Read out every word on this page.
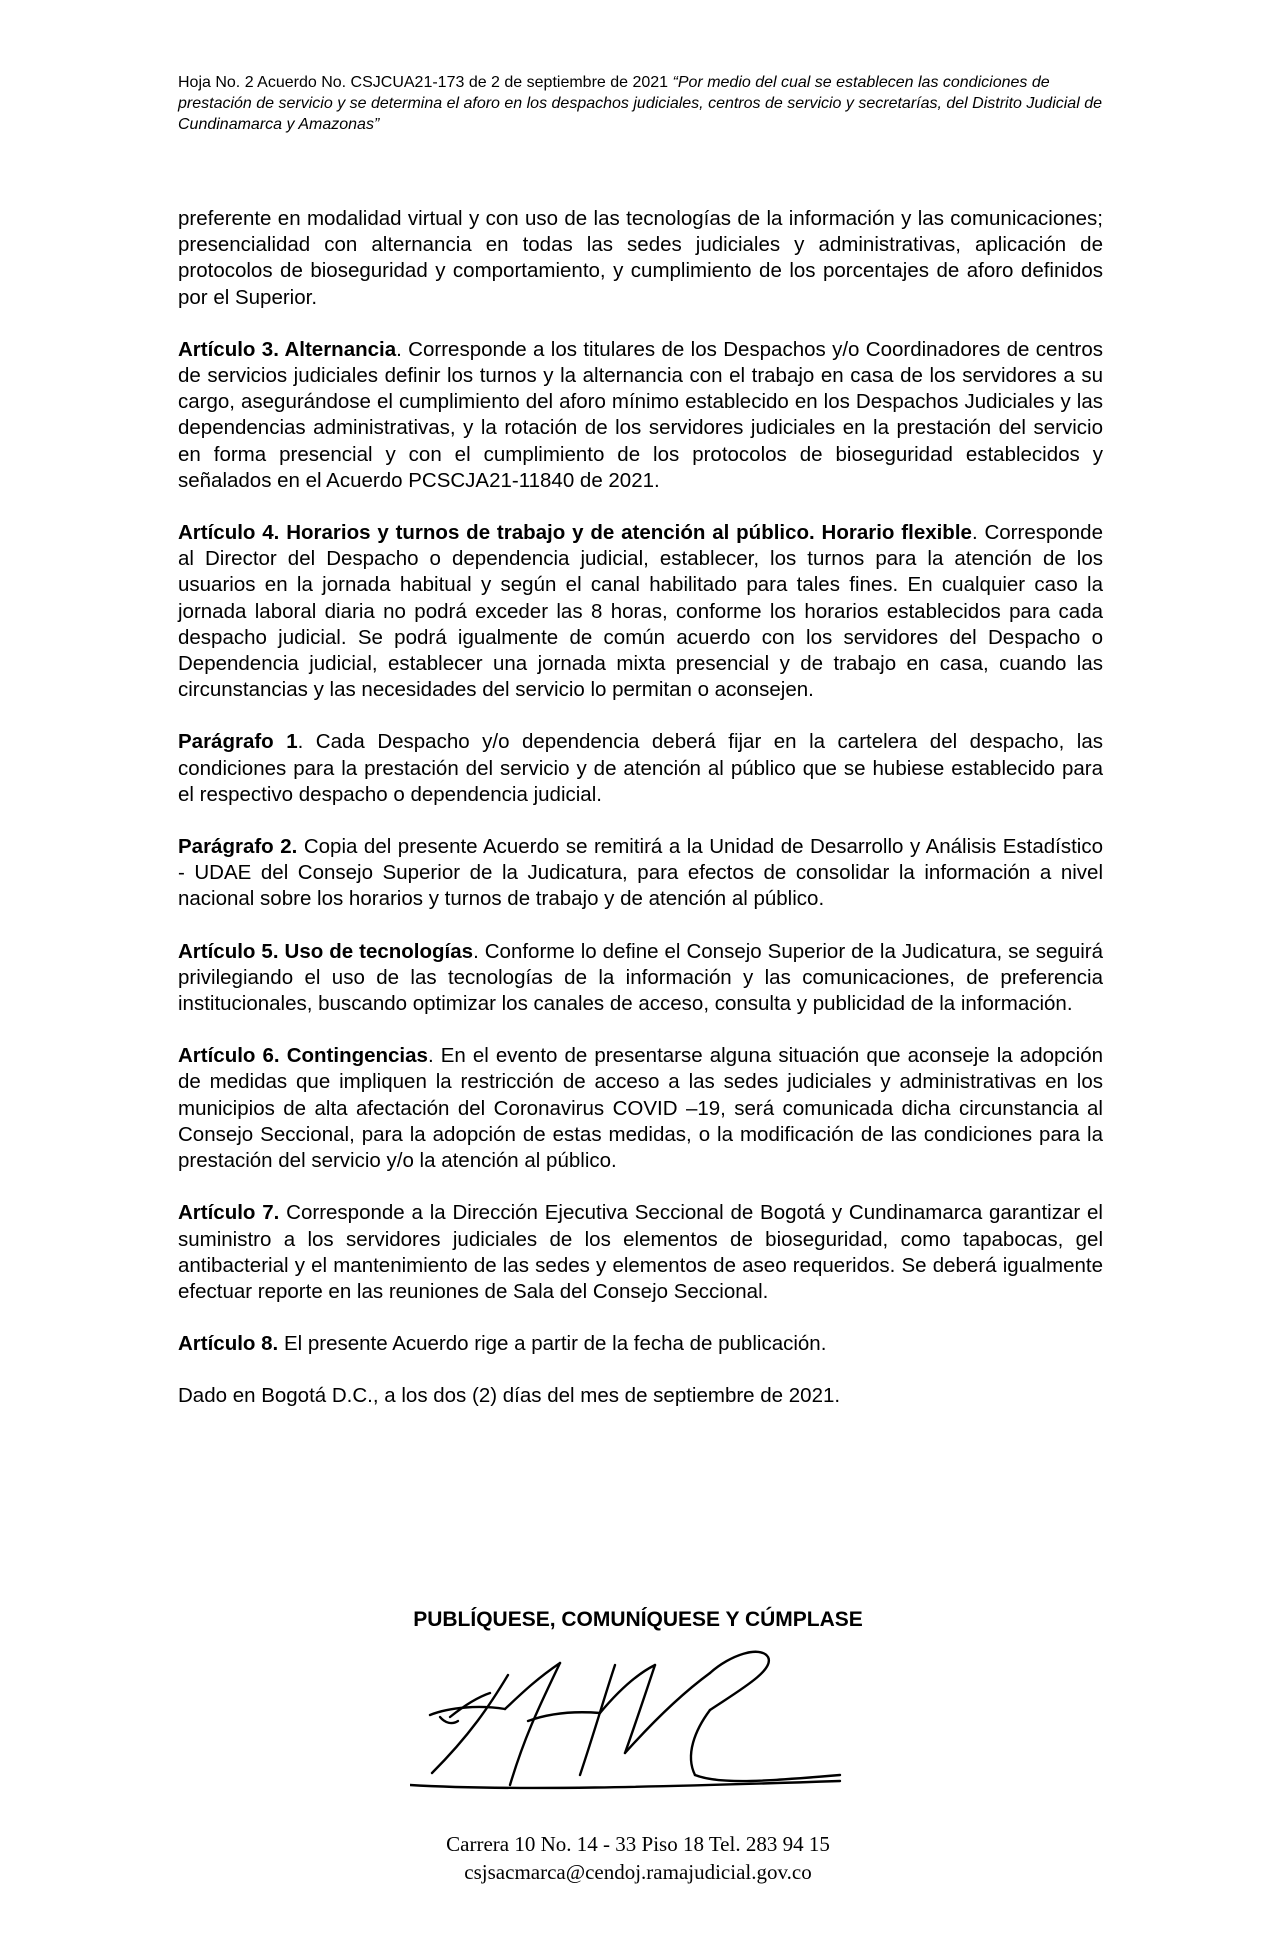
Hoja No. 2 Acuerdo No. CSJCUA21-173 de 2 de septiembre de 2021 “Por medio del cual se establecen las condiciones de prestación de servicio y se determina el aforo en los despachos judiciales, centros de servicio y secretarías, del Distrito Judicial de Cundinamarca y Amazonas”

preferente en modalidad virtual y con uso de las tecnologías de la información y las comunicaciones; presencialidad con alternancia en todas las sedes judiciales y administrativas, aplicación de protocolos de bioseguridad y comportamiento, y cumplimiento de los porcentajes de aforo definidos por el Superior.

Artículo 3. Alternancia. Corresponde a los titulares de los Despachos y/o Coordinadores de centros de servicios judiciales definir los turnos y la alternancia con el trabajo en casa de los servidores a su cargo, asegurándose el cumplimiento del aforo mínimo establecido en los Despachos Judiciales y las dependencias administrativas, y la rotación de los servidores judiciales en la prestación del servicio en forma presencial y con el cumplimiento de los protocolos de bioseguridad establecidos y señalados en el Acuerdo PCSCJA21-11840 de 2021.

Artículo 4. Horarios y turnos de trabajo y de atención al público. Horario flexible. Corresponde al Director del Despacho o dependencia judicial, establecer, los turnos para la atención de los usuarios en la jornada habitual y según el canal habilitado para tales fines. En cualquier caso la jornada laboral diaria no podrá exceder las 8 horas, conforme los horarios establecidos para cada despacho judicial. Se podrá igualmente de común acuerdo con los servidores del Despacho o Dependencia judicial, establecer una jornada mixta presencial y de trabajo en casa, cuando las circunstancias y las necesidades del servicio lo permitan o aconsejen.

Parágrafo 1. Cada Despacho y/o dependencia deberá fijar en la cartelera del despacho, las condiciones para la prestación del servicio y de atención al público que se hubiese establecido para el respectivo despacho o dependencia judicial.

Parágrafo 2. Copia del presente Acuerdo se remitirá a la Unidad de Desarrollo y Análisis Estadístico - UDAE del Consejo Superior de la Judicatura, para efectos de consolidar la información a nivel nacional sobre los horarios y turnos de trabajo y de atención al público.

Artículo 5. Uso de tecnologías. Conforme lo define el Consejo Superior de la Judicatura, se seguirá privilegiando el uso de las tecnologías de la información y las comunicaciones, de preferencia institucionales, buscando optimizar los canales de acceso, consulta y publicidad de la información.

Artículo 6. Contingencias. En el evento de presentarse alguna situación que aconseje la adopción de medidas que impliquen la restricción de acceso a las sedes judiciales y administrativas en los municipios de alta afectación del Coronavirus COVID –19, será comunicada dicha circunstancia al Consejo Seccional, para la adopción de estas medidas, o la modificación de las condiciones para la prestación del servicio y/o la atención al público.

Artículo 7. Corresponde a la Dirección Ejecutiva Seccional de Bogotá y Cundinamarca garantizar el suministro a los servidores judiciales de los elementos de bioseguridad, como tapabocas, gel antibacterial y el mantenimiento de las sedes y elementos de aseo requeridos. Se deberá igualmente efectuar reporte en las reuniones de Sala del Consejo Seccional.

Artículo 8. El presente Acuerdo rige a partir de la fecha de publicación.

Dado en Bogotá D.C., a los dos (2) días del mes de septiembre de 2021.

PUBLÍQUESE, COMUNÍQUESE Y CÚMPLASE
Carrera 10 No. 14 - 33 Piso 18 Tel. 283 94 15
csjsacmarca@cendoj.ramajudicial.gov.co
